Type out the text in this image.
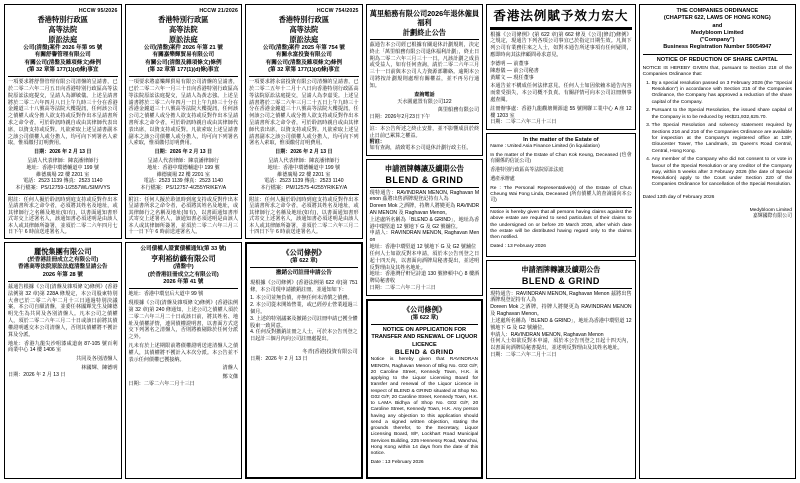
HCCW 95/2026
香港特別行政區
高等法院
原訟法庭
公司(清盤)案件 2026 年第 95 號
有關舒譽管理有限公司
有關公司(清盤及雜項條文)條例
(第 32 章第 177(1)(d)條)事宜
一項要求將舒譽管理有限公司清盤的呈請書，已於二零二六年二月五日向香港特別行政區高等法院原訟法庭提交，呈請人為譚敏儀。上述呈請書將於二零二六年四月八日上午九時三十分在香港金鐘道三十八號高等法院大樓提訊，任何該公司之債權人或分擔人欲支持或反對作出本呈請書所求之命令者，可於聆訊時親自或由其律師代表出席，以資支持或反對。凡欲索取上述呈請書副本之該公司債權人或分擔人，均可向下列署名人索取，惟須繳付訂明費用。
日期：2026 年 2 月 13 日
呈請人代表律師：陳袁潘律師行
地址：香港中環德輔道中 199 號
維德廣場 22 樓 2201 室
電話：2523 1139 傳真：2523 1140
本行檔案：PS/12759-1/2557WL/SIM/VYS
附註：任何人擬於聆訊時到庭支持或反對作出本呈請書所求之命令者，必須將其姓名及地址，或其律師行之名稱及地址(如有)，以書面通知書形式寄交上述署名人，該通知書必須述明是由該人本人或其律師所簽署，並須於二零二六年四月七日下午 6 時前送達署名人。
麗悅集團有限公司
(於香港註冊成立之有限公司)
香港高等法院原訟法庭清盤呈請公告
2026 年第 28 號
茲通告根據《公司(清盤及雜項條文)條例》(香港法例第 32 章)第 228A 條規定，本公司股東特別大會已於二零二六年二月十三日通過特別決議案，本公司自願清盤，並委任林國輝先生及陳德明先生為共同及各別清盤人。凡本公司之債權人，須於二零二六年三月二十日或該日前將其債權證明遞交本公司清盤人，否則其債權將不獲計算及分派。
地址：香港九龍尖沙咀漆咸道南 87-105 號百利商業中心 14 樓 1406 室
共同及各別清盤人
林國輝、陳德明
日期：2026 年 2 月 13 日
HCCW 21/2026
香港特別行政區
高等法院
原訟法庭
公司(清盤)案件 2026 年第 21 號
有關嘉樂輝貿易有限公司
有關公司(清盤及雜項條文)條例
(第 32 章第 177(1)(d)條)事宜
一項要求將嘉樂輝貿易有限公司清盤的呈請書，已於二零二六年一月三十日向香港特別行政區高等法院原訟法庭提交，呈請人為黃志強。上述呈請書將於二零二六年四月一日上午九時三十分在香港金鐘道三十八號高等法院大樓提訊，任何該公司之債權人或分擔人欲支持或反對作出本呈請書所求之命令者，可於聆訊時親自或由其律師代表出席，以資支持或反對。凡欲索取上述呈請書副本之該公司債權人或分擔人，均可向下列署名人索取，惟須繳付訂明費用。
日期：2026 年 2 月 13 日
呈請人代表律師：陳袁潘律師行
地址：香港中環德輔道中 199 號
維德廣場 22 樓 2201 室
電話：2523 1139 傳真：2523 1140
本行檔案：PS/12757-4/255YR/KEY/A
附註：任何人擬於聆訊時到庭支持或反對作出本呈請書所求之命令者，必須將其姓名及地址，或其律師行之名稱及地址(如有)，以書面通知書形式寄交上述署名人，該通知書必須述明是由該人本人或其律師所簽署，並須於二零二六年三月三十一日下午 6 時前送達署名人。
公司債權人證實債權通知(第 33 號)
亨利裕紡織有限公司
(清盤中)
(於香港註冊成立之有限公司)
2026 年第 41 號
地址：香港中環皇后大道中 99 號
現根據《公司(清盤及雜項條文)條例》(香港法例第 32 章)第 240 條通知，上述公司之債權人須於二零二六年三月二十日或該日前，將其姓名、地址及債權詳情，連同債權證明書，以書面方式送交下列署名之清盤人，否則將被剔除於任何分派之外。
凡未有於上述期限前將債權證明送達清盤人之債權人，其債權將不獲計入本次分派。本公告並不表示任何債權已獲接納。
清盤人
鄭文傑
日期：二零二六年二月十三日
HCCW 754/2025
香港特別行政區
高等法院
原訟法庭
公司(清盤)案件 2025 年第 754 號
有關永富投資有限公司
有關公司(清盤及雜項條文)條例
(第 32 章第 177(1)(d)條)事宜
一項要求將永富投資有限公司清盤的呈請書，已於二零二五年十二月十八日向香港特別行政區高等法院原訟法庭提交，呈請人為李嘉雯。上述呈請書將於二零二六年三月二十五日上午九時三十分在香港金鐘道三十八號高等法院大樓提訊，任何該公司之債權人或分擔人欲支持或反對作出本呈請書所求之命令者，可於聆訊時親自或由其律師代表出席，以資支持或反對。凡欲索取上述呈請書副本之該公司債權人或分擔人，均可向下列署名人索取，惟須繳付訂明費用。
日期：2026 年 2 月 13 日
呈請人代表律師：陳袁潘律師行
地址：香港中環德輔道中 199 號
維德廣場 22 樓 2201 室
電話：2523 1139 傳真：2523 1140
本行檔案：PM/12575-4/255YR/KEY/A
附註：任何人擬於聆訊時到庭支持或反對作出本呈請書所求之命令者，必須將其姓名及地址，或其律師行之名稱及地址(如有)，以書面通知書形式寄交上述署名人，該通知書必須述明是由該人本人或其律師所簽署，並須於二零二六年三月二十四日下午 6 時前送達署名人。
《公司條例》
(第 622 章)
撤銷公司註冊申請公告
現根據《公司條例》(香港法例第 622 章)第 751 條，本公司現申請撤銷註冊，並通知如下：
1. 本公司並無負債，亦無任何未清償之債務。
2. 本公司從未開始營業，或已經停止營業超過三個月。
3. 上述的特別議案及撤銷公司註冊申請已獲全體股東一致同意。
4. 任何反對撤銷註冊之人士，可於本公告刊登之日起計三個月內向公司註冊處提出。
冬青(香港)投資有限公司
日期：2026 年 2 月 13 日
萬里船務有限公司2026年退休僱員福利
計劃終止公告
茲通告本公司經已根據有關退休計劃規則，決定終止「萬里船務有限公司退休福利計劃」，終止日期為二零二六年三月三十一日。凡該計劃之成員或受益人，如有任何查詢，請於二零二六年三月三十一日前與本公司人力資源部聯絡。逾期本公司將按計劃規則處理有關權益，並不再另行通知。
查詢電話
天水圍處置有限公司122
萬里船務有限公司
日期：2026年2月23日下午
註：本公告所述之終止安排，並不影響成員於終止日前已累算之權益。
附註：
如有查詢，請致電本公司退休計劃行政主任。
申請酒牌轉讓及續期公告
BLEND & GRIND
現特通告：RAVINDRAN MENON, Raghavan Menon 茲將出售酒牌現登記持有人為
Doreen Mok 之酒牌，持牌人將變更為 RAVINDRAN MENON 及 Raghavan Menon。
上述處所名稱為「BLEND & GRIND」，地址為香港中環堅道 12 號地下 G 及 G2 號舖位。
申請人：RAVINDRAN MENON, Raghavan Menon
地址：香港中環堅道 12 號地下 G 及 G2 號舖位
任何人士如欲反對本申請，須於本公告刊登之日起十四天內，以書面向酒牌局秘書提出，並述明反對理由及其姓名地址。
地址：香港灣仔軒尼詩道 130 號修頓中心 8 樓酒牌局秘書收
日期：二零二六年二月十三日
《公司條例》
(第 622 章)
NOTICE ON APPLICATION FOR TRANSFER AND RENEWAL OF LIQUOR LICENCE
BLEND & GRIND

Notice is hereby given that RAVINDRAN MENON, Raghavan Menon of Blkg No. G02 G/F, 20 Caroline Street, Kennedy Town, H.K. is applying to the Liquor Licensing Board for transfer and renewal of the Liquor Licence in respect of BLEND & GRIND situated at Shop No. G02 G/F, 20 Caroline Street, Kennedy Town, H.K. to LAMA Bidhya of Shop No. G02 G/F, 20 Caroline Street, Kennedy Town, H.K. Any person having any objection to this application should send a signed written objection, stating the grounds therefor, to the Secretary, Liquor Licensing Board, 8/F, Lockhart Road Municipal Services Building, 225 Hennessy Road, Wanchai, Hong Kong within 14 days from the date of this notice.

Date : 13 February 2026

香港法例賦予效力宏大
根據《公司條例》(第 622 章)第 662 條及《公司(修訂)條例》之規定，現通告下列各項公司事宜已於指定日期生效。凡與下列公司有業務往來之人士，如對本通告所述事項有任何疑問，應即時向其法律顧問尋求意見。
李德明 — 前董事
陳惠儀 — 前公司秘書
黃耀文 — 現任董事
本通告並不構成任何法律意見。任何人士如因依賴本通告內容而蒙受損失，本公司概不負責。有關詳情可向本公司註冊辦事處查閱。
註冊辦事處：香港九龍觀塘開源道 55 號開聯工業中心 A 座 12 樓 1203 室
日期：二零二六年二月十三日
In the matter of the Estate of

Name : United Asia Finance Limited (in liquidation)

In the matter of the Estate of Chun Kok Keung, Deceased (也會有關係的信託公司)

香港特別行政區高等法院原訟法庭

遺產承辦處

Re : The Personal Representative(s) of the Estate of Chun Cheung Wai Fong Linda, Deceased (所有債權人的查詢請向本公司)

Notice is hereby given that all persons having claims against the above estate are required to send particulars of their claims to the undersigned on or before 20 March 2026, after which date the estate will be distributed having regard only to the claims then notified.

Dated : 13 February 2026

申請酒牌轉讓及續期公告
BLEND & GRIND
現特通告：RAVINDRAN MENON, Raghavan Menon 茲將出售酒牌現登記持有人為
Doreen Mok 之酒牌，持牌人將變更為 RAVINDRAN MENON 及 Raghavan Menon。
上述處所名稱為「BLEND & GRIND」，地址為香港中環堅道 12 號地下 G 及 G2 號舖位。
申請人：RAVINDRAN MENON, Raghavan Menon
任何人士如欲反對本申請，須於本公告刊登之日起十四天內，以書面向酒牌局秘書提出，並述明反對理由及其姓名地址。
日期：二零二六年二月十三日
THE COMPANIES ORDINANCE
(CHAPTER 622, LAWS OF HONG KONG)
and
Medybloom Limited
("Company")
Business Registration Number 59054947
NOTICE OF REDUCTION OF SHARE CAPITAL

NOTICE IS HEREBY GIVEN that, pursuant to Section 218 of the Companies Ordinance that:

1. By a special resolution passed on 3 February 2026 (the "Special Resolution") in accordance with Section 215 of the Companies Ordinance, the Company has approved a reduction of the share capital of the Company.
2. Pursuant to the Special Resolution, the issued share capital of the Company is to be reduced by HK$21,932,625.70.
3. The Special Resolution and solvency statement required by Sections 216 and 216 of the Companies Ordinance are available for inspection at the Company's registered office at 13/F, Gloucester Tower, The Landmark, 15 Queen's Road Central, Central, Hong Kong.
4. Any member of the Company who did not consent to or vote in favour of the Special Resolution or any creditor of the Company may, within 5 weeks after 3 February 2026 (the date of Special Resolution) apply to the Court under Section 220 of the Companies Ordinance for cancellation of the Special Resolution.

Dated 13th day of February 2026

Medybloom Limited
嘉輝國際有限公司
